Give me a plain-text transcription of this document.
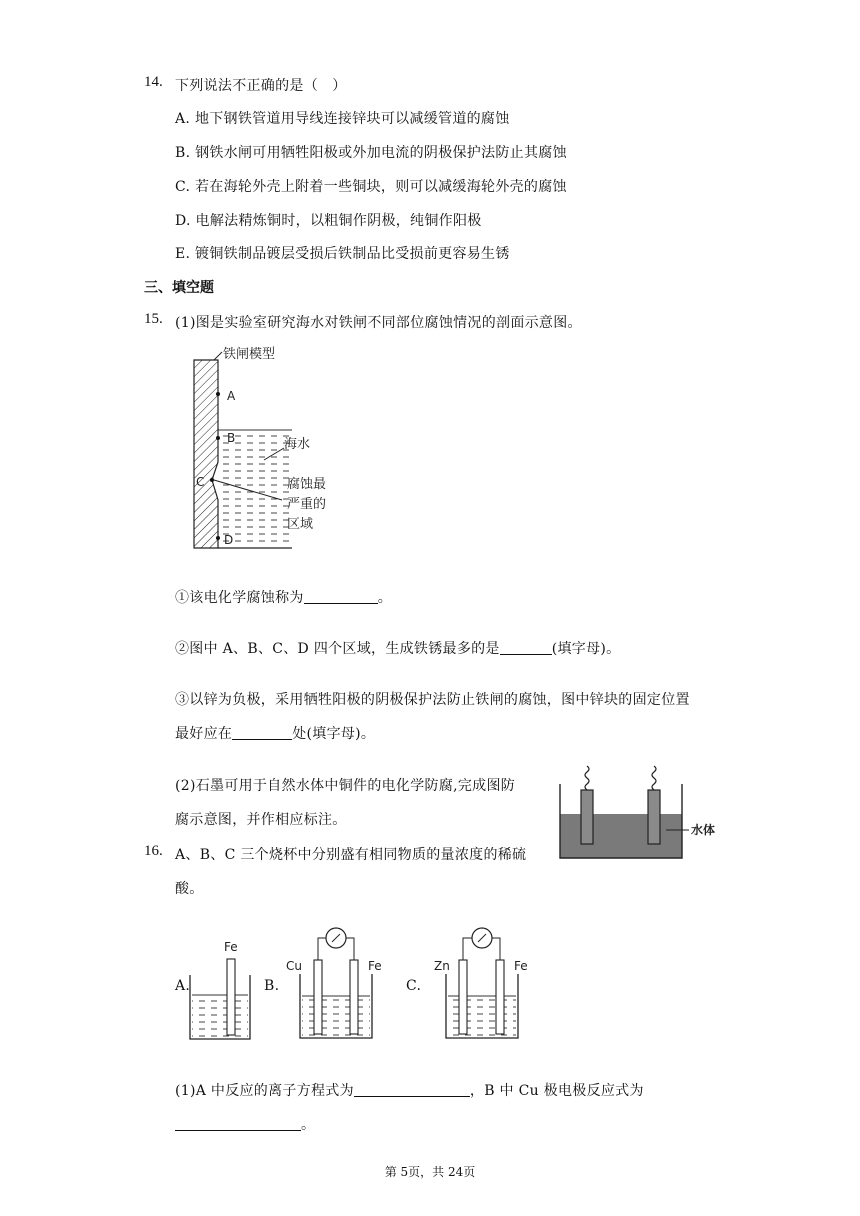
14. 下列说法不正确的是（　）
A. 地下钢铁管道用导线连接锌块可以减缓管道的腐蚀
B. 钢铁水闸可用牺牲阳极或外加电流的阴极保护法防止其腐蚀
C. 若在海轮外壳上附着一些铜块，则可以减缓海轮外壳的腐蚀
D. 电解法精炼铜时，以粗铜作阴极，纯铜作阳极
E. 镀铜铁制品镀层受损后铁制品比受损前更容易生锈
三、填空题
15. (1)图是实验室研究海水对铁闸不同部位腐蚀情况的剖面示意图。
铁闸模型
A
B
C
D
海水
腐蚀最
严重的
区域
①该电化学腐蚀称为	。
②图中 A、B、C、D 四个区域，生成铁锈最多的是	(填字母)。
③以锌为负极，采用牺牲阳极的阴极保护法防止铁闸的腐蚀，图中锌块的固定位置
最好应在	处(填字母)。
(2)石墨可用于自然水体中铜件的电化学防腐,完成图防
腐示意图，并作相应标注。
水体
16. A、B、C 三个烧杯中分别盛有相同物质的量浓度的稀硫
酸。
A.
Fe
B.
Cu	Fe
C.
Zn	Fe
(1)A 中反应的离子方程式为	，B 中 Cu 极电极反应式为
。
第 5页，共 24页
